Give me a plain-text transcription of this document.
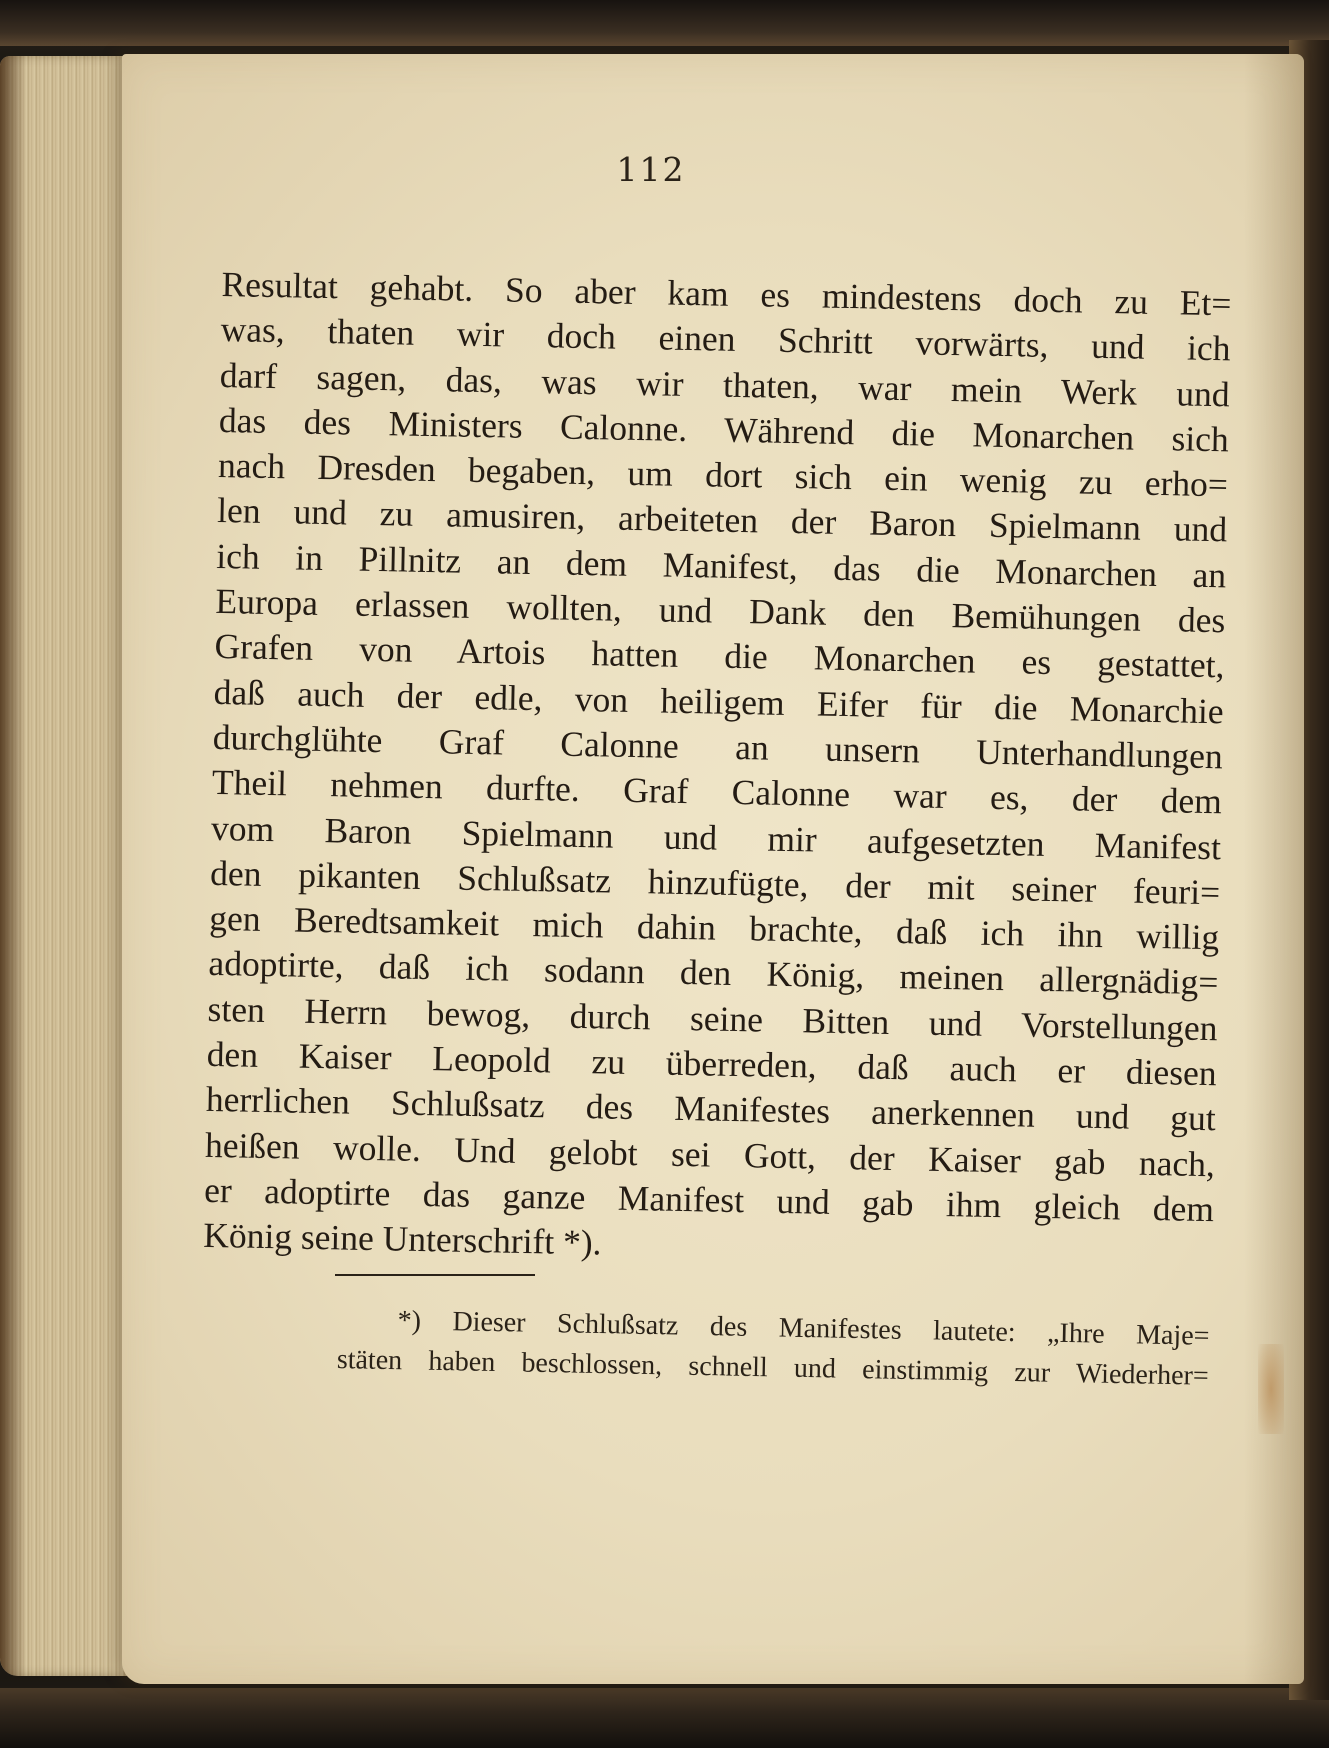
112
Resultat gehabt. So aber kam es mindestens doch zu Et=
was, thaten wir doch einen Schritt vorwärts, und ich
darf sagen, das, was wir thaten, war mein Werk und
das des Ministers Calonne. Während die Monarchen sich
nach Dresden begaben, um dort sich ein wenig zu erho=
len und zu amusiren, arbeiteten der Baron Spielmann und
ich in Pillnitz an dem Manifest, das die Monarchen an
Europa erlassen wollten, und Dank den Bemühungen des
Grafen von Artois hatten die Monarchen es gestattet,
daß auch der edle, von heiligem Eifer für die Monarchie
durchglühte Graf Calonne an unsern Unterhandlungen
Theil nehmen durfte. Graf Calonne war es, der dem
vom Baron Spielmann und mir aufgesetzten Manifest
den pikanten Schlußsatz hinzufügte, der mit seiner feuri=
gen Beredtsamkeit mich dahin brachte, daß ich ihn willig
adoptirte, daß ich sodann den König, meinen allergnädig=
sten Herrn bewog, durch seine Bitten und Vorstellungen
den Kaiser Leopold zu überreden, daß auch er diesen
herrlichen Schlußsatz des Manifestes anerkennen und gut
heißen wolle. Und gelobt sei Gott, der Kaiser gab nach,
er adoptirte das ganze Manifest und gab ihm gleich dem
König seine Unterschrift *).
*) Dieser Schlußsatz des Manifestes lautete: „Ihre Maje=
stäten haben beschlossen, schnell und einstimmig zur Wiederher=
